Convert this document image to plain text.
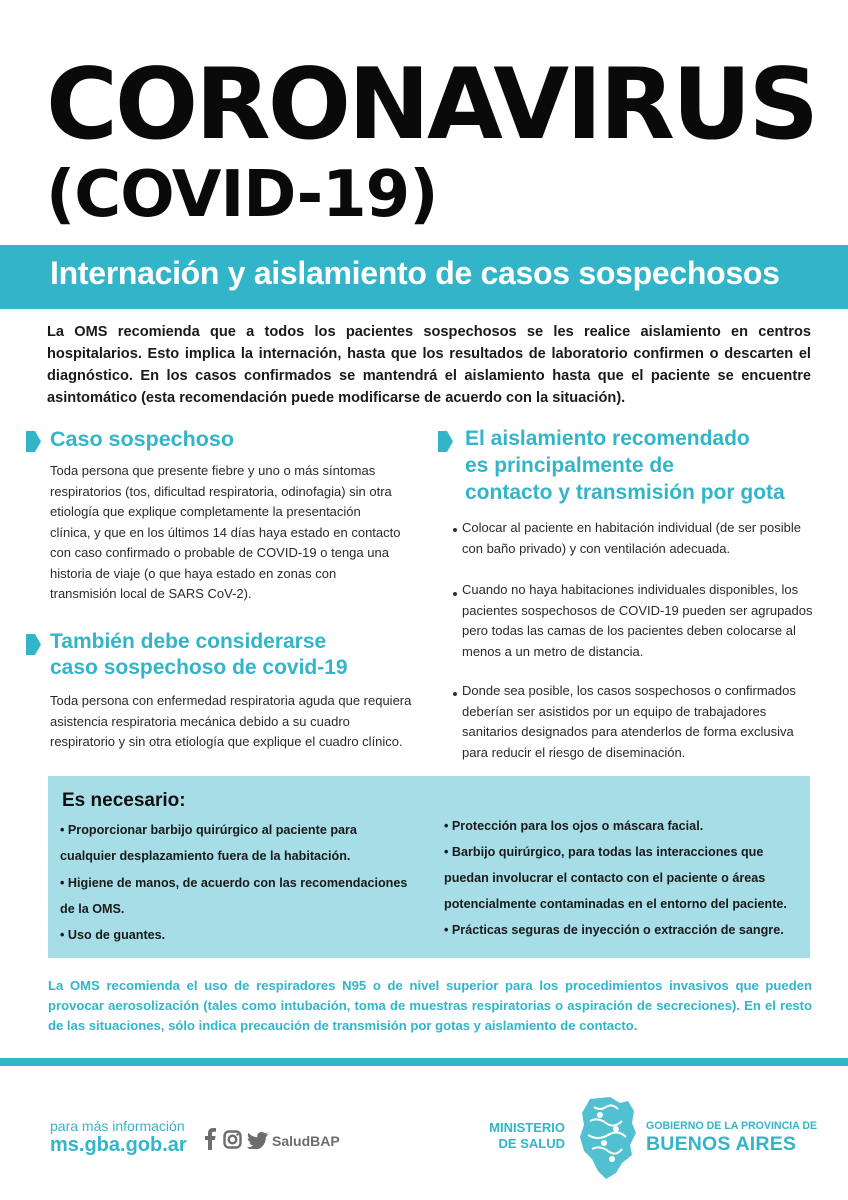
CORONAVIRUS
(COVID-19)
Internación y aislamiento de casos sospechosos
La OMS recomienda que a todos los pacientes sospechosos se les realice aislamiento en centros hospitalarios. Esto implica la internación, hasta que los resultados de laboratorio confirmen o descarten el diagnóstico. En los casos confirmados se mantendrá el aislamiento hasta que el paciente se encuentre asintomático (esta recomendación puede modificarse de acuerdo con la situación).
Caso sospechoso
Toda persona que presente fiebre y uno o más síntomas respiratorios (tos, dificultad respiratoria, odinofagia) sin otra etiología que explique completamente la presentación clínica, y que en los últimos 14 días haya estado en contacto con caso confirmado o probable de COVID-19 o tenga una historia de viaje (o que haya estado en zonas con transmisión local de SARS CoV-2).
También debe considerarse
caso sospechoso de covid-19
Toda persona con enfermedad respiratoria aguda que requiera asistencia respiratoria mecánica debido a su cuadro respiratorio y sin otra etiología que explique el cuadro clínico.
El aislamiento recomendado
es principalmente de
contacto y transmisión por gota
Colocar al paciente en habitación individual (de ser posible con baño privado) y con ventilación adecuada.
Cuando no haya habitaciones individuales disponibles, los pacientes sospechosos de COVID-19 pueden ser agrupados pero todas las camas de los pacientes deben colocarse al menos a un metro de distancia.
Donde sea posible, los casos sospechosos o confirmados deberían ser asistidos por un equipo de trabajadores sanitarios designados para atenderlos de forma exclusiva para reducir el riesgo de diseminación.
Es necesario:
• Proporcionar barbijo quirúrgico al paciente para cualquier desplazamiento fuera de la habitación.
• Higiene de manos, de acuerdo con las recomendaciones de la OMS.
• Uso de guantes.
• Protección para los ojos o máscara facial.
• Barbijo quirúrgico, para todas las interacciones que puedan involucrar el contacto con el paciente o áreas potencialmente contaminadas en el entorno del paciente.
• Prácticas seguras de inyección o extracción de sangre.
La OMS recomienda el uso de respiradores N95 o de nivel superior para los procedimientos invasivos que pueden provocar aerosolización (tales como intubación, toma de muestras respiratorias o aspiración de secreciones). En el resto de las situaciones, sólo indica precaución de transmisión por gotas y aislamiento de contacto.
para más información
ms.gba.gob.ar	SaludBAP
MINISTERIO DE SALUD
GOBIERNO DE LA PROVINCIA DE
BUENOS AIRES
